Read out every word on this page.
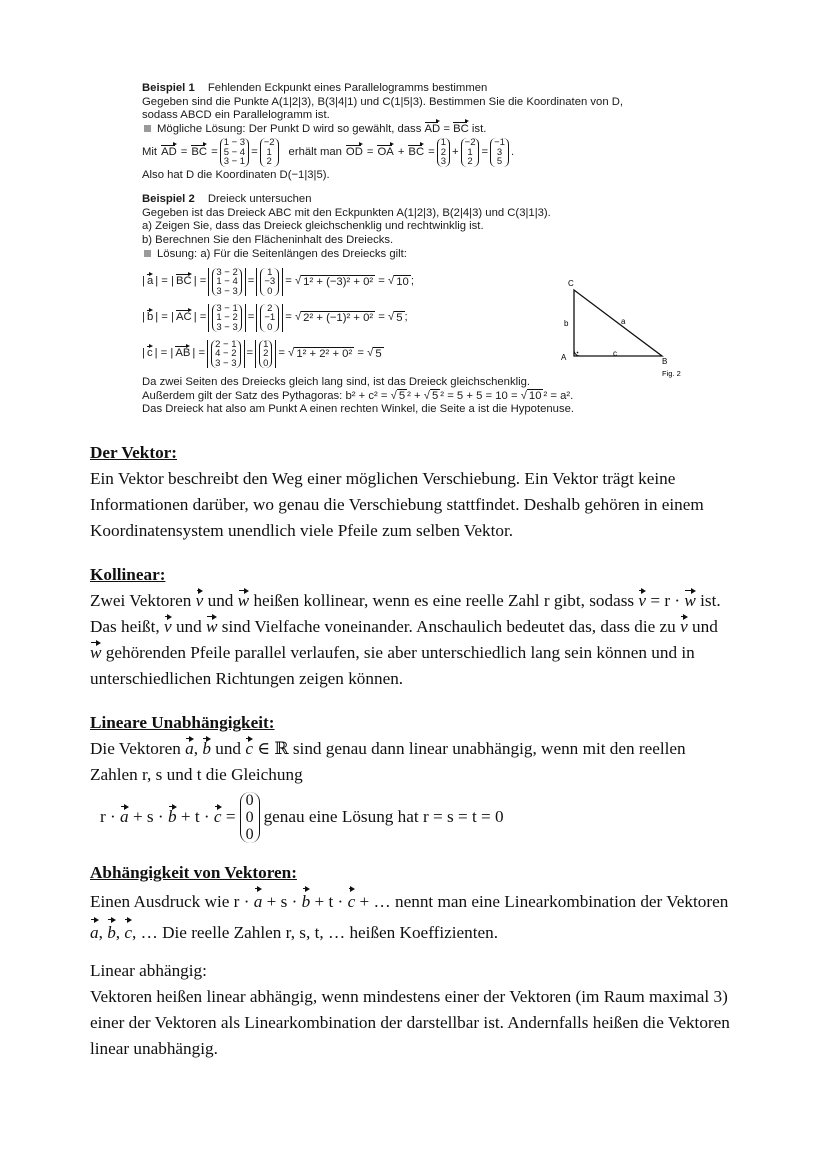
Beispiel 1 Fehlenden Eckpunkt eines Parallelogramms bestimmen
Gegeben sind die Punkte A(1|2|3), B(3|4|1) und C(1|5|3). Bestimmen Sie die Koordinaten von D,
sodass ABCD ein Parallelogramm ist.
Mögliche Lösung: Der Punkt D wird so gewählt, dass AD = BC ist.
Mit AD = BC =
1 − 3
5 − 4
3 − 1
=
−2
1
2
erhält man OD = OA + BC =
1
2
3
+
−2
1
2
=
−1
3
5
.
Also hat D die Koordinaten D(−1|3|5).
Beispiel 2 Dreieck untersuchen
Gegeben ist das Dreieck ABC mit den Eckpunkten A(1|2|3), B(2|4|3) und C(3|1|3).
a) Zeigen Sie, dass das Dreieck gleichschenklig und rechtwinklig ist.
b) Berechnen Sie den Flächeninhalt des Dreiecks.
Lösung: a) Für die Seitenlängen des Dreiecks gilt:
| a | = | BC | =
3 − 2
1 − 4
3 − 3
=
1
−3
0
= √ 1² + (−3)² + 0² = √ 10 ;
| b | = | AC | =
3 − 1
1 − 2
3 − 3
=
2
−1
0
= √ 2² + (−1)² + 0² = √ 5 ;
| c | = | AB | =
2 − 1
4 − 2
3 − 3
=
1
2
0
= √ 1² + 2² + 0² = √ 5
Da zwei Seiten des Dreiecks gleich lang sind, ist das Dreieck gleichschenklig.
Außerdem gilt der Satz des Pythagoras: b² + c² = √ 5 ² + √ 5 ² = 5 + 5 = 10 = √ 10 ² = a².
Das Dreieck hat also am Punkt A einen rechten Winkel, die Seite a ist die Hypotenuse.
C
b	a
A	c
B
Fig. 2
Der Vektor:
Ein Vektor beschreibt den Weg einer möglichen Verschiebung. Ein Vektor trägt keine Informationen darüber, wo genau die Verschiebung stattfindet. Deshalb gehören in einem Koordinatensystem unendlich viele Pfeile zum selben Vektor.
Kollinear:
Zwei Vektoren v und w heißen kollinear, wenn es eine reelle Zahl r gibt, sodass v = r · w ist. Das heißt, v und w sind Vielfache voneinander. Anschaulich bedeutet das, dass die zu v und w gehörenden Pfeile parallel verlaufen, sie aber unterschiedlich lang sein können und in unterschiedlichen Richtungen zeigen können.
Lineare Unabhängigkeit:
Die Vektoren a, b und c ∈ ℝ sind genau dann linear unabhängig, wenn mit den reellen Zahlen r, s und t die Gleichung
r ·
a
+ s ·
b
+ t ·
c
=
0
0
0
genau eine Lösung hat r = s = t = 0
Abhängigkeit von Vektoren:
Einen Ausdruck wie r · a + s · b + t · c + … nennt man eine Linearkombination der Vektoren a, b, c, … Die reelle Zahlen r, s, t, … heißen Koeffizienten.
Linear abhängig:
Vektoren heißen linear abhängig, wenn mindestens einer der Vektoren (im Raum maximal 3) einer der Vektoren als Linearkombination der darstellbar ist. Andernfalls heißen die Vektoren linear unabhängig.
